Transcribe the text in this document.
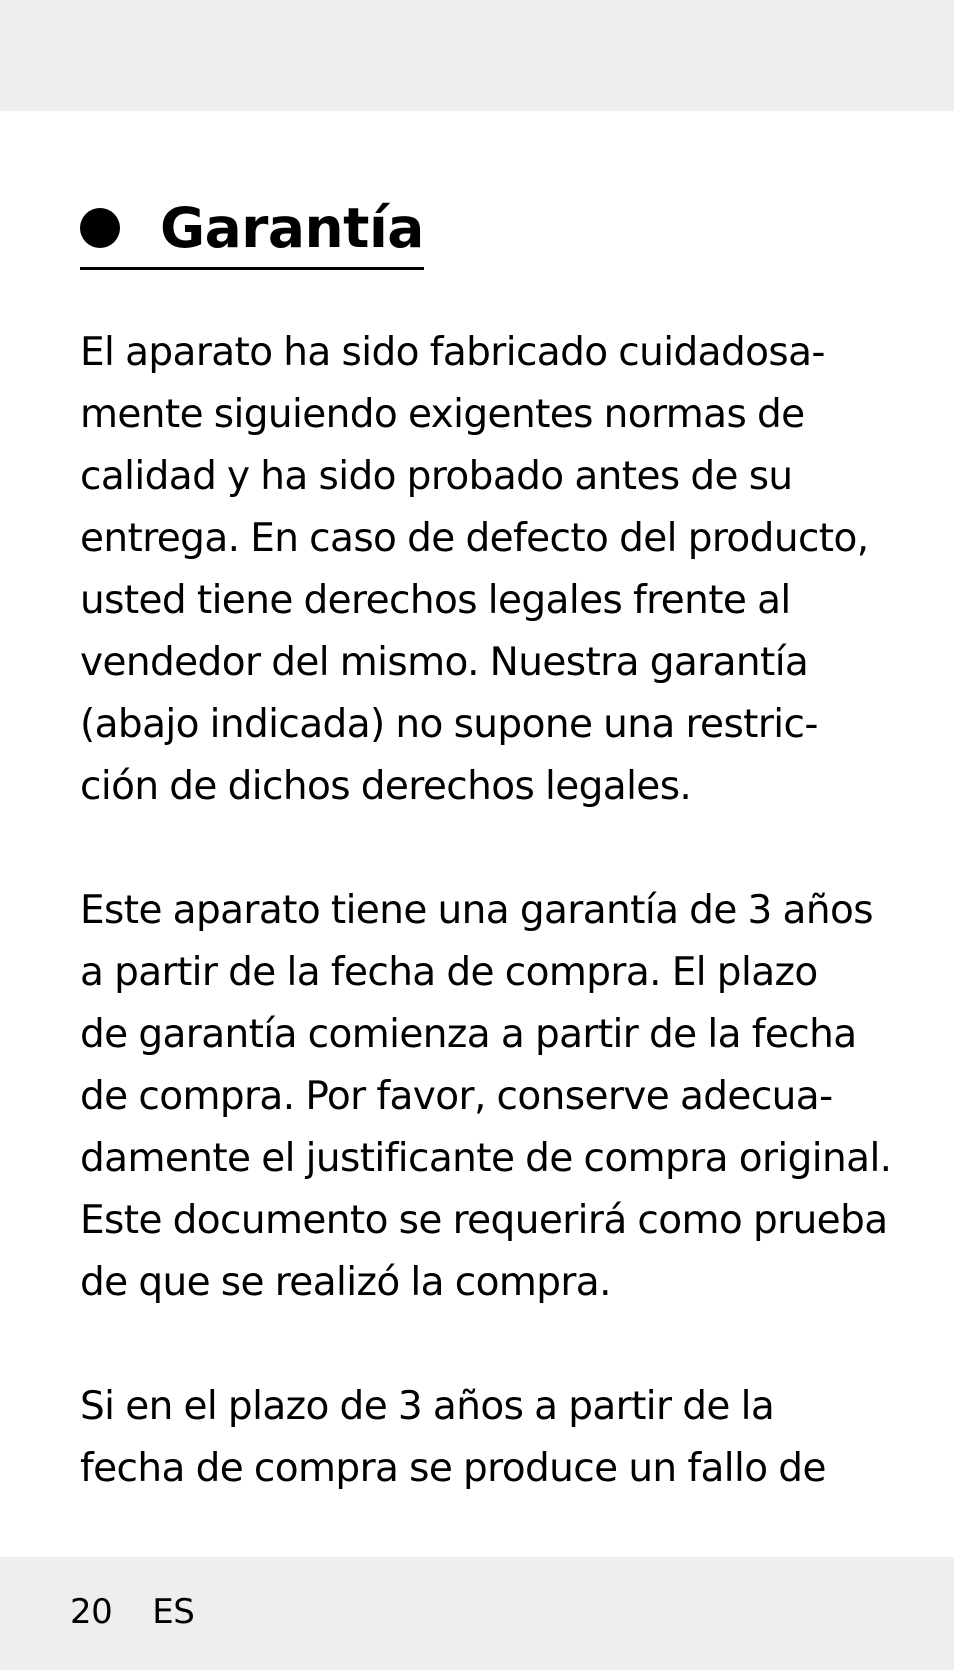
Garantía

El aparato ha sido fabricado cuidadosa-
mente siguiendo exigentes normas de
calidad y ha sido probado antes de su
entrega. En caso de defecto del producto,
usted tiene derechos legales frente al
vendedor del mismo. Nuestra garantía
(abajo indicada) no supone una restric-
ción de dichos derechos legales.

Este aparato tiene una garantía de 3 años
a partir de la fecha de compra. El plazo
de garantía comienza a partir de la fecha
de compra. Por favor, conserve adecua-
damente el justificante de compra original.
Este documento se requerirá como prueba
de que se realizó la compra.

Si en el plazo de 3 años a partir de la
fecha de compra se produce un fallo de

20 ES
